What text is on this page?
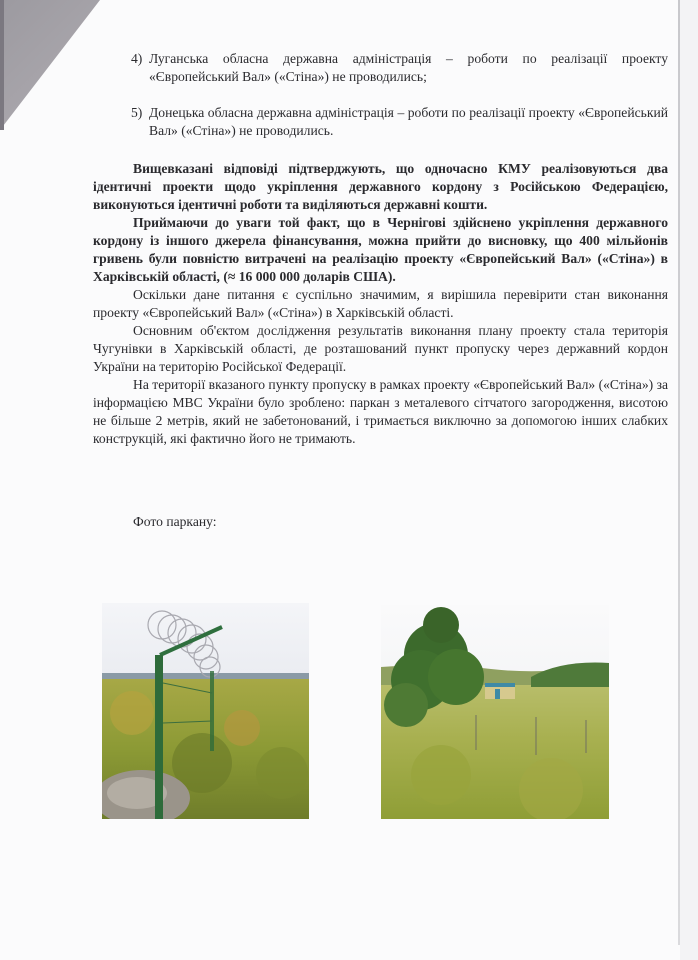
4) Луганська обласна державна адміністрація – роботи по реалізації проекту «Європейський Вал» («Стіна») не проводились;
5) Донецька обласна державна адміністрація – роботи по реалізації проекту «Європейський Вал» («Стіна») не проводились.

Вищевказані відповіді підтверджують, що одночасно КМУ реалізовуються два ідентичні проекти щодо укріплення державного кордону з Російською Федерацією, виконуються ідентичні роботи та виділяються державні кошти.

Приймаючи до уваги той факт, що в Чернігові здійснено укріплення державного кордону із іншого джерела фінансування, можна прийти до висновку, що 400 мільйонів гривень були повністю витрачені на реалізацію проекту «Європейський Вал» («Стіна») в Харківській області, (≈ 16 000 000 доларів США).

Оскільки дане питання є суспільно значимим, я вирішила перевірити стан виконання проекту «Європейський Вал» («Стіна») в Харківській області.

Основним об'єктом дослідження результатів виконання плану проекту стала територія Чугунівки в Харківській області, де розташований пункт пропуску через державний кордон України на територію Російської Федерації.

На території вказаного пункту пропуску в рамках проекту «Європейський Вал» («Стіна») за інформацією МВС України було зроблено: паркан з металевого сітчатого загородження, висотою не більше 2 метрів, який не забетонований, і тримається виключно за допомогою інших слабких конструкцій, які фактично його не тримають.

Фото паркану:
